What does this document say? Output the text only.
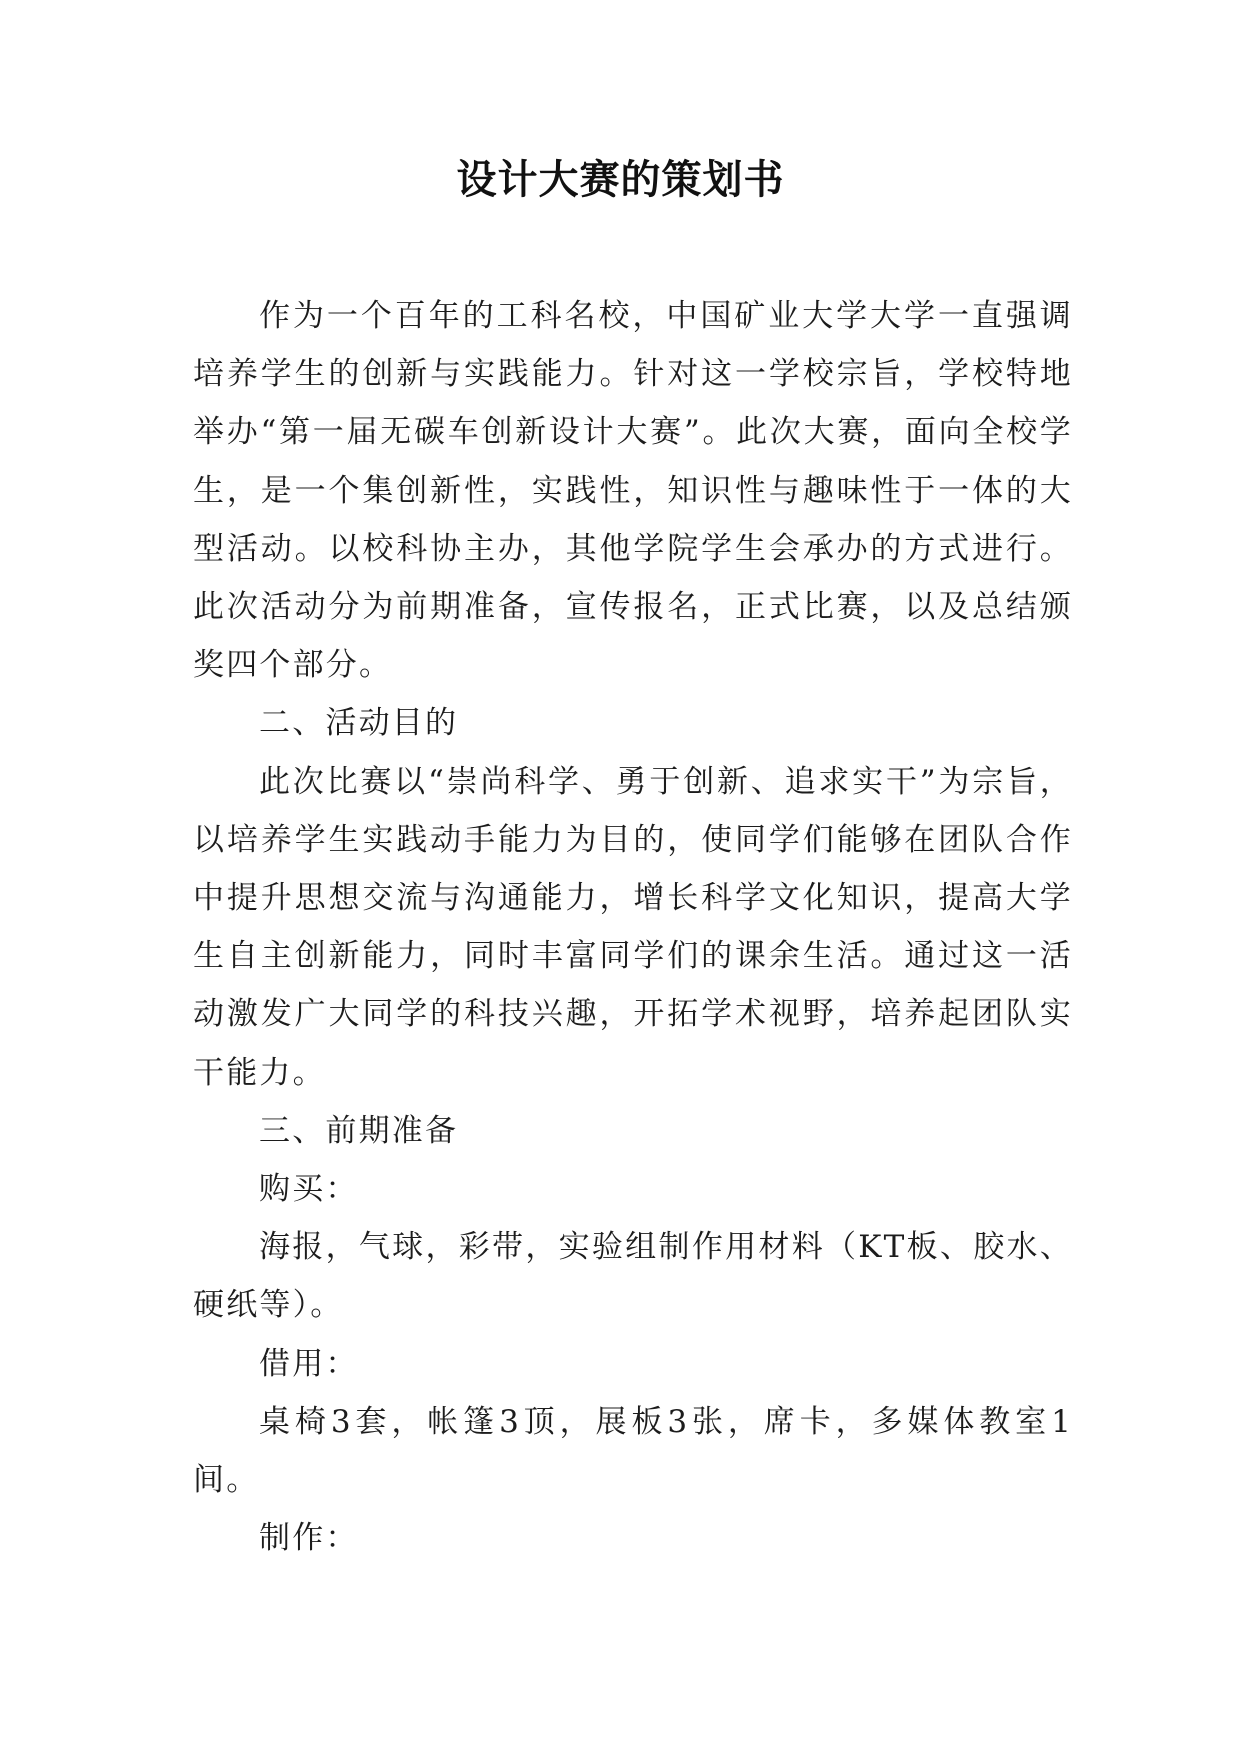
设计大赛的策划书

作为一个百年的工科名校，中国矿业大学大学一直强调培养学生的创新与实践能力。针对这一学校宗旨，学校特地举办“第一届无碳车创新设计大赛”。此次大赛，面向全校学生，是一个集创新性，实践性，知识性与趣味性于一体的大型活动。以校科协主办，其他学院学生会承办的方式进行。此次活动分为前期准备，宣传报名，正式比赛，以及总结颁奖四个部分。

二、活动目的

此次比赛以“崇尚科学、勇于创新、追求实干”为宗旨，以培养学生实践动手能力为目的，使同学们能够在团队合作中提升思想交流与沟通能力，增长科学文化知识，提高大学生自主创新能力，同时丰富同学们的课余生活。通过这一活动激发广大同学的科技兴趣，开拓学术视野，培养起团队实干能力。

三、前期准备

购买：

海报，气球，彩带，实验组制作用材料（KT板、胶水、硬纸等）。

借用：

桌椅3套，帐篷3顶，展板3张，席卡，多媒体教室1间。

制作：
